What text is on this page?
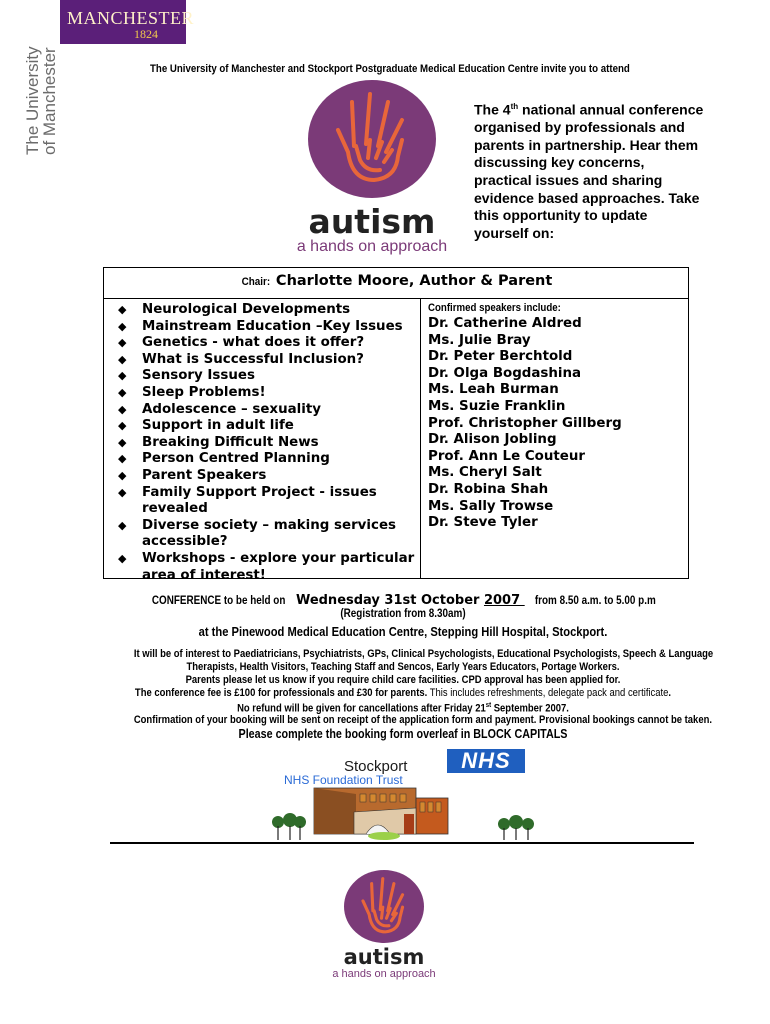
MANCHESTER
1824
The University
of Manchester	The University of Manchester and Stockport Postgraduate Medical Education Centre invite you to attend
autism
a hands on approach
The 4th national annual conference organised by professionals and parents in partnership. Hear them discussing key concerns, practical issues and sharing evidence based approaches. Take this opportunity to update yourself on:
Chair: Charlotte Moore, Author & Parent
◆ Neurological Developments
◆ Mainstream Education –Key Issues
◆ Genetics - what does it offer?
◆ What is Successful Inclusion?
◆ Sensory Issues
◆ Sleep Problems!
◆ Adolescence – sexuality
◆ Support in adult life
◆ Breaking Difficult News
◆ Person Centred Planning
◆ Parent Speakers
◆ Family Support Project - issues revealed
◆ Diverse society – making services accessible?
◆ Workshops - explore your particular area of interest!
Confirmed speakers include:
Dr. Catherine Aldred
Ms. Julie Bray
Dr. Peter Berchtold
Dr. Olga Bogdashina
Ms. Leah Burman
Ms. Suzie Franklin
Prof. Christopher Gillberg
Dr. Alison Jobling
Prof. Ann Le Couteur
Ms. Cheryl Salt
Dr. Robina Shah
Ms. Sally Trowse
Dr. Steve Tyler
CONFERENCE to be held onWednesday 31st October 2007 from 8.50 a.m. to 5.00 p.m
(Registration from 8.30am)
at the Pinewood Medical Education Centre, Stepping Hill Hospital, Stockport.
It will be of interest to Paediatricians, Psychiatrists, GPs, Clinical Psychologists, Educational Psychologists, Speech & Language
Therapists, Health Visitors, Teaching Staff and Sencos, Early Years Educators, Portage Workers.
Parents please let us know if you require child care facilities. CPD approval has been applied for.
The conference fee is £100 for professionals and £30 for parents. This includes refreshments, delegate pack and certificate.
No refund will be given for cancellations after Friday 21st September 2007.
Confirmation of your booking will be sent on receipt of the application form and payment. Provisional bookings cannot be taken.
Please complete the booking form overleaf in BLOCK CAPITALS
Stockport	NHS
NHS Foundation Trust
autism
a hands on approach
